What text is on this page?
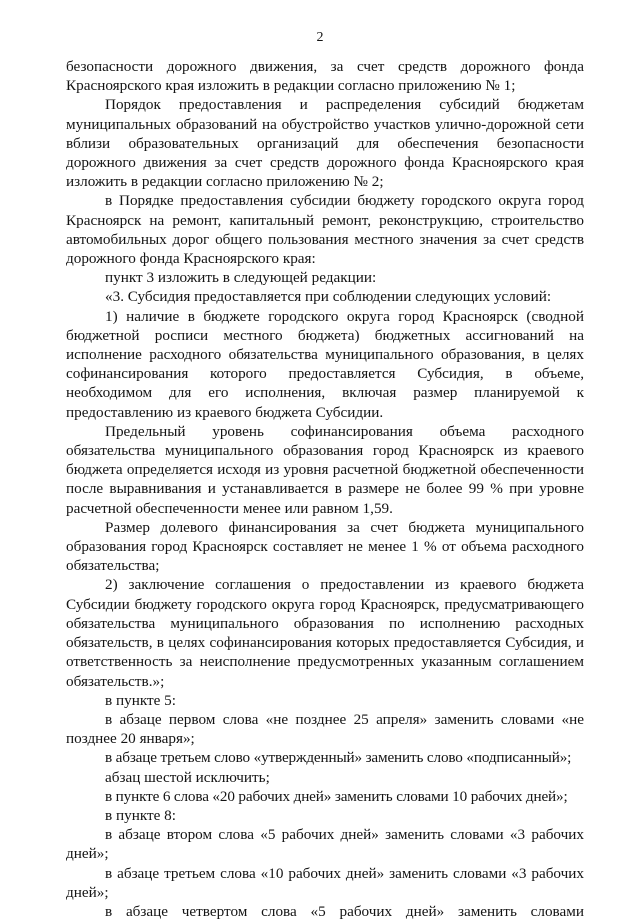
2

безопасности дорожного движения, за счет средств дорожного фонда Красноярского края изложить в редакции согласно приложению № 1;

Порядок предоставления и распределения субсидий бюджетам муниципальных образований на обустройство участков улично-дорожной сети вблизи образовательных организаций для обеспечения безопасности дорожного движения за счет средств дорожного фонда Красноярского края изложить в редакции согласно приложению № 2;

в Порядке предоставления субсидии бюджету городского округа город Красноярск на ремонт, капитальный ремонт, реконструкцию, строительство автомобильных дорог общего пользования местного значения за счет средств дорожного фонда Красноярского края:

пункт 3 изложить в следующей редакции:

«3. Субсидия предоставляется при соблюдении следующих условий:

1) наличие в бюджете городского округа город Красноярск (сводной бюджетной росписи местного бюджета) бюджетных ассигнований на исполнение расходного обязательства муниципального образования, в целях софинансирования которого предоставляется Субсидия, в объеме, необходимом для его исполнения, включая размер планируемой к предоставлению из краевого бюджета Субсидии.

Предельный уровень софинансирования объема расходного обязательства муниципального образования город Красноярск из краевого бюджета определяется исходя из уровня расчетной бюджетной обеспеченности после выравнивания и устанавливается в размере не более 99 % при уровне расчетной обеспеченности менее или равном 1,59.

Размер долевого финансирования за счет бюджета муниципального образования город Красноярск составляет не менее 1 % от объема расходного обязательства;

2) заключение соглашения о предоставлении из краевого бюджета Субсидии бюджету городского округа город Красноярск, предусматривающего обязательства муниципального образования по исполнению расходных обязательств, в целях софинансирования которых предоставляется Субсидия, и ответственность за неисполнение предусмотренных указанным соглашением обязательств.»;

в пункте 5:

в абзаце первом слова «не позднее 25 апреля» заменить словами «не позднее 20 января»;

в абзаце третьем слово «утвержденный» заменить слово «подписанный»;

абзац шестой исключить;

в пункте 6 слова «20 рабочих дней» заменить словами 10 рабочих дней»;

в пункте 8:

в абзаце втором слова «5 рабочих дней» заменить словами «3 рабочих дней»;

в абзаце третьем слова «10 рабочих дней» заменить словами «3 рабочих дней»;

в абзаце четвертом слова «5 рабочих дней» заменить словами
